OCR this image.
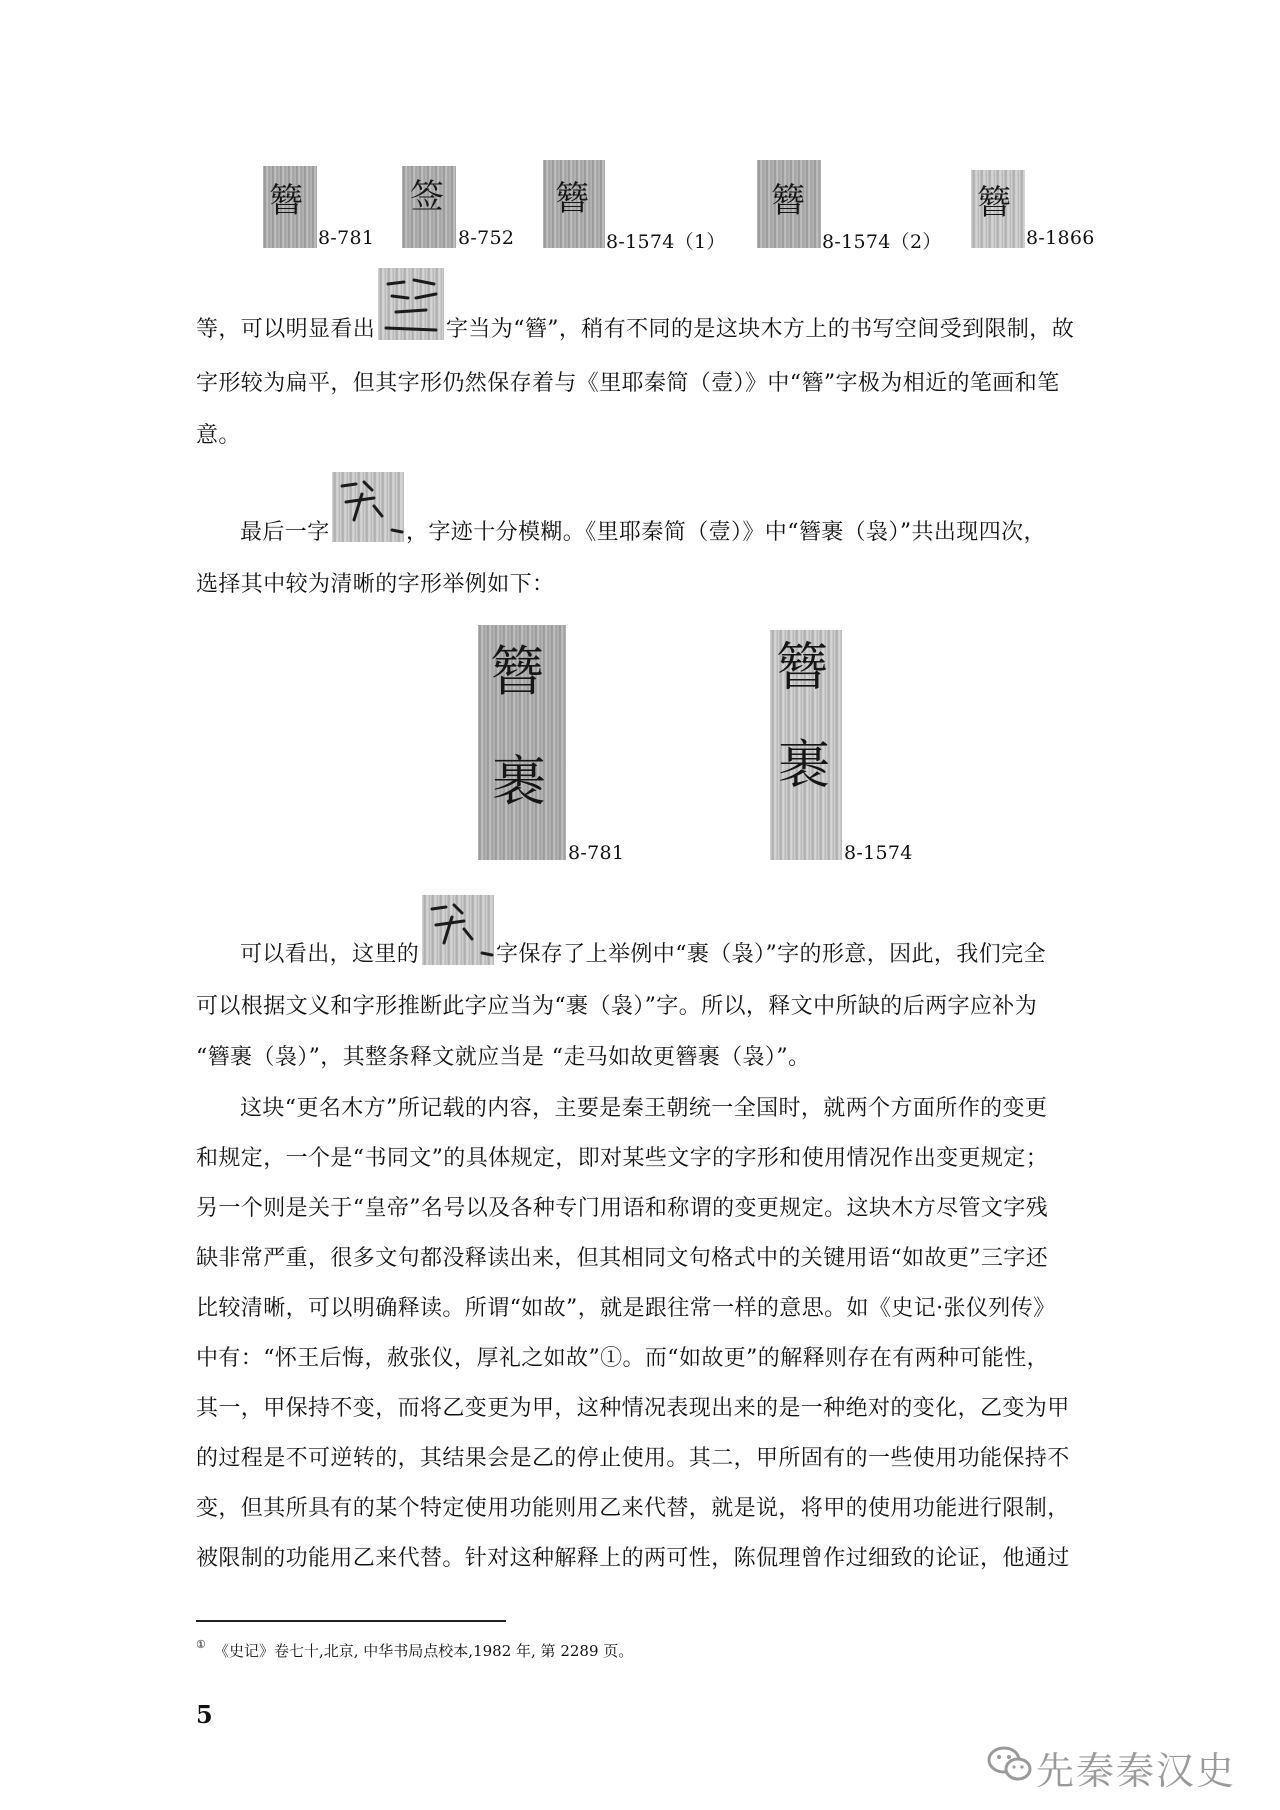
簪
8-781
签
8-752
簪
8-1574（1）
簪
8-1574（2）
簪
8-1866
等，可以明显看出	字当为“簪”，稍有不同的是这块木方上的书写空间受到限制，故
字形较为扁平，但其字形仍然保存着与《里耶秦简（壹）》中“簪”字极为相近的笔画和笔
意。
最后一字	，字迹十分模糊。《里耶秦简（壹）》中“簪裹（袅）”共出现四次，
选择其中较为清晰的字形举例如下：
簪
裹
8-781
簪
裹
8-1574
可以看出，这里的	字保存了上举例中“裹（袅）”字的形意，因此，我们完全
可以根据文义和字形推断此字应当为“裹（袅）”字。所以，释文中所缺的后两字应补为
“簪裹（袅）”，其整条释文就应当是 “走马如故更簪裹（袅）”。
这块“更名木方”所记载的内容，主要是秦王朝统一全国时，就两个方面所作的变更
和规定，一个是“书同文”的具体规定，即对某些文字的字形和使用情况作出变更规定；
另一个则是关于“皇帝”名号以及各种专门用语和称谓的变更规定。这块木方尽管文字残
缺非常严重，很多文句都没释读出来，但其相同文句格式中的关键用语“如故更”三字还
比较清晰，可以明确释读。所谓“如故”，就是跟往常一样的意思。如《史记·张仪列传》
中有：“怀王后悔，赦张仪，厚礼之如故”①。而“如故更”的解释则存在有两种可能性，
其一，甲保持不变，而将乙变更为甲，这种情况表现出来的是一种绝对的变化，乙变为甲
的过程是不可逆转的，其结果会是乙的停止使用。其二，甲所固有的一些使用功能保持不
变，但其所具有的某个特定使用功能则用乙来代替，就是说，将甲的使用功能进行限制，
被限制的功能用乙来代替。针对这种解释上的两可性，陈侃理曾作过细致的论证，他通过
① 《史记》卷七十,北京, 中华书局点校本,1982 年, 第 2289 页。
5
先秦秦汉史
